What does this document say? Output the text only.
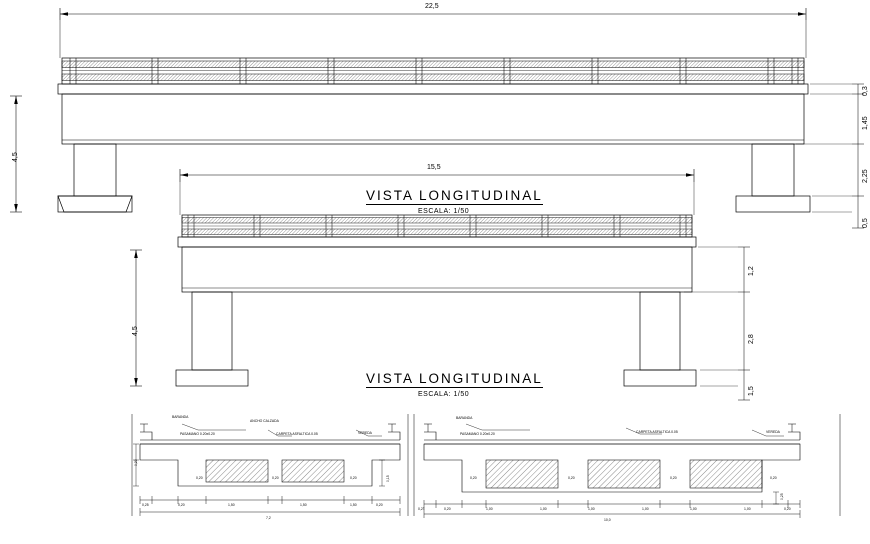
22,5
4,5
0,3
1,45
2,25
0,5
VISTA LONGITUDINAL
ESCALA: 1/50
15,5
4,5
1,2
2,8
1,5
VISTA LONGITUDINAL
ESCALA: 1/50
BARANDA
ANCHO CALZADA
CARPETA ASFALTICA 0.05
PASAMANO 0.20x0.20	VEREDA
0,25	0,20	1,50	1,50	1,50	0,20
7,2
0,20	0,20	0,20
0,20
0,15
BARANDA
PASAMANO 0.20x0.20	CARPETA ASFALTICA 0.05	VEREDA
0,25	0,20	1,00	1,00	1,00	1,00	1,00	1,00	0,20
10,0
0,20	0,20	0,20	0,20
0,25
